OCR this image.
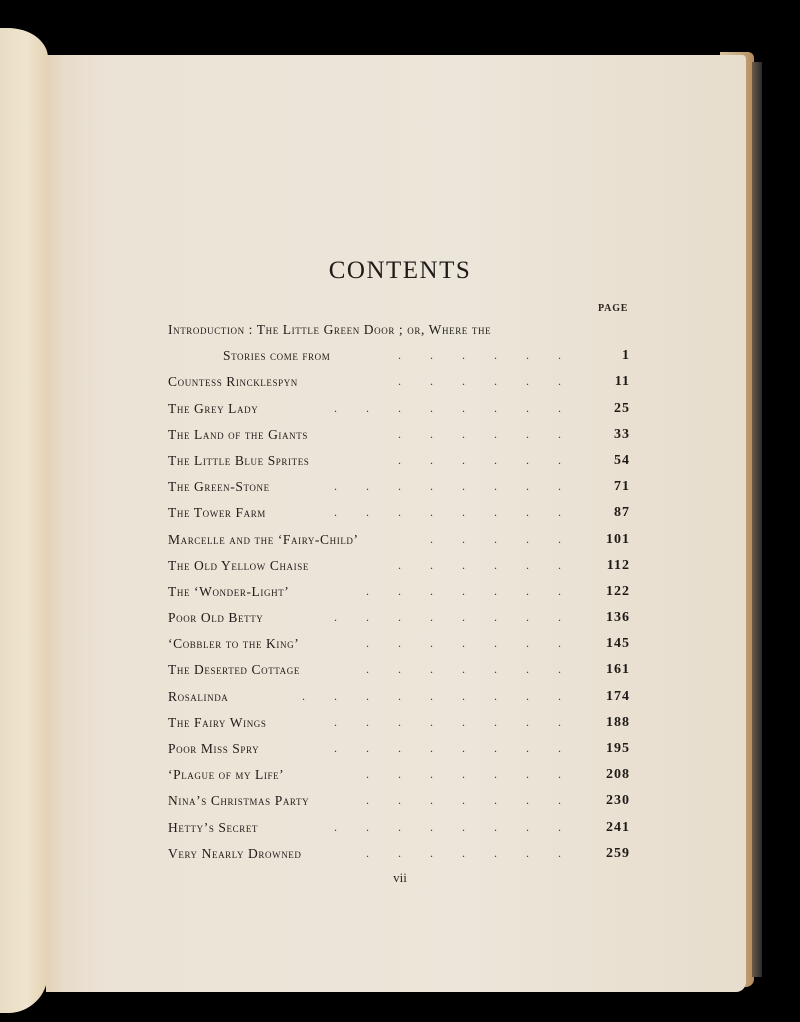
CONTENTS
PAGE
Introduction : The Little Green Door ; or, Where the
Stories come from	...... 1
Countess Rincklespyn	...... 11
The Grey Lady	........ 25
The Land of the Giants	...... 33
The Little Blue Sprites	...... 54
The Green-Stone	........ 71
The Tower Farm	........ 87
Marcelle and the ‘Fairy-Child’	..... 101
The Old Yellow Chaise	...... 112
The ‘Wonder-Light’	....... 122
Poor Old Betty	........ 136
‘Cobbler to the King’	....... 145
The Deserted Cottage	....... 161
Rosalinda	......... 174
The Fairy Wings	........ 188
Poor Miss Spry	........ 195
‘Plague of my Life’	....... 208
Nina’s Christmas Party	....... 230
Hetty’s Secret	........ 241
Very Nearly Drowned	....... 259
vii
